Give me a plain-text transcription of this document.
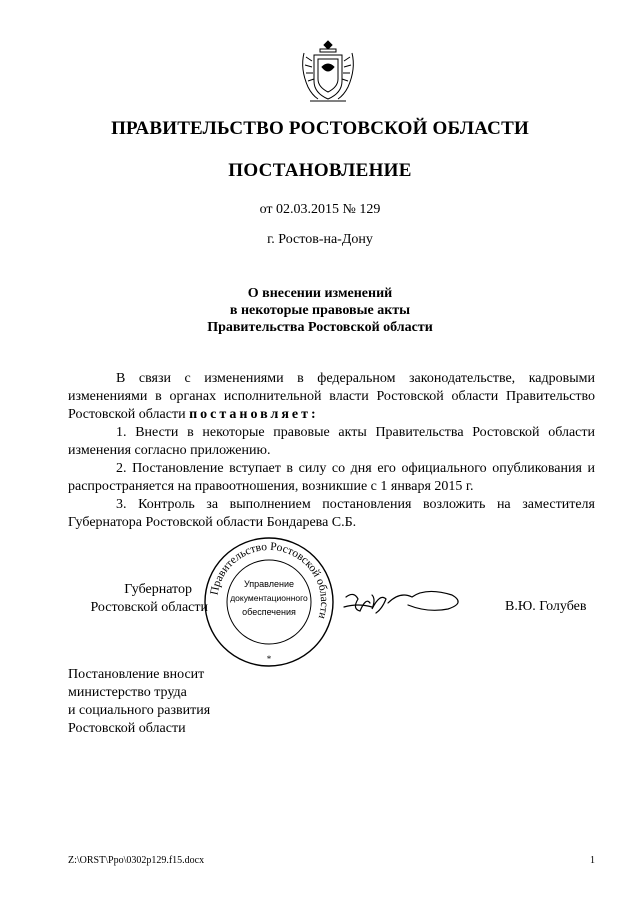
ПРАВИТЕЛЬСТВО РОСТОВСКОЙ ОБЛАСТИ
ПОСТАНОВЛЕНИЕ
от 02.03.2015 № 129
г. Ростов-на-Дону
О внесении изменений
в некоторые правовые акты
Правительства Ростовской области

В связи с изменениями в федеральном законодательстве, кадровыми изменениями в органах исполнительной власти Ростовской области Правительство Ростовской области постановляет:

1. Внести в некоторые правовые акты Правительства Ростовской области изменения согласно приложению.

2. Постановление вступает в силу со дня его официального опубликования и распространяется на правоотношения, возникшие с 1 января 2015 г.

3. Контроль за выполнением постановления возложить на заместителя Губернатора Ростовской области Бондарева С.Б.

Губернатор
Ростовской области
Правительство Ростовской области
Управление
документационного
обеспечения
*
В.Ю. Голубев
Постановление вносит
министерство труда
и социального развития
Ростовской области
Z:\ORST\Ppo\0302p129.f15.docx	1
